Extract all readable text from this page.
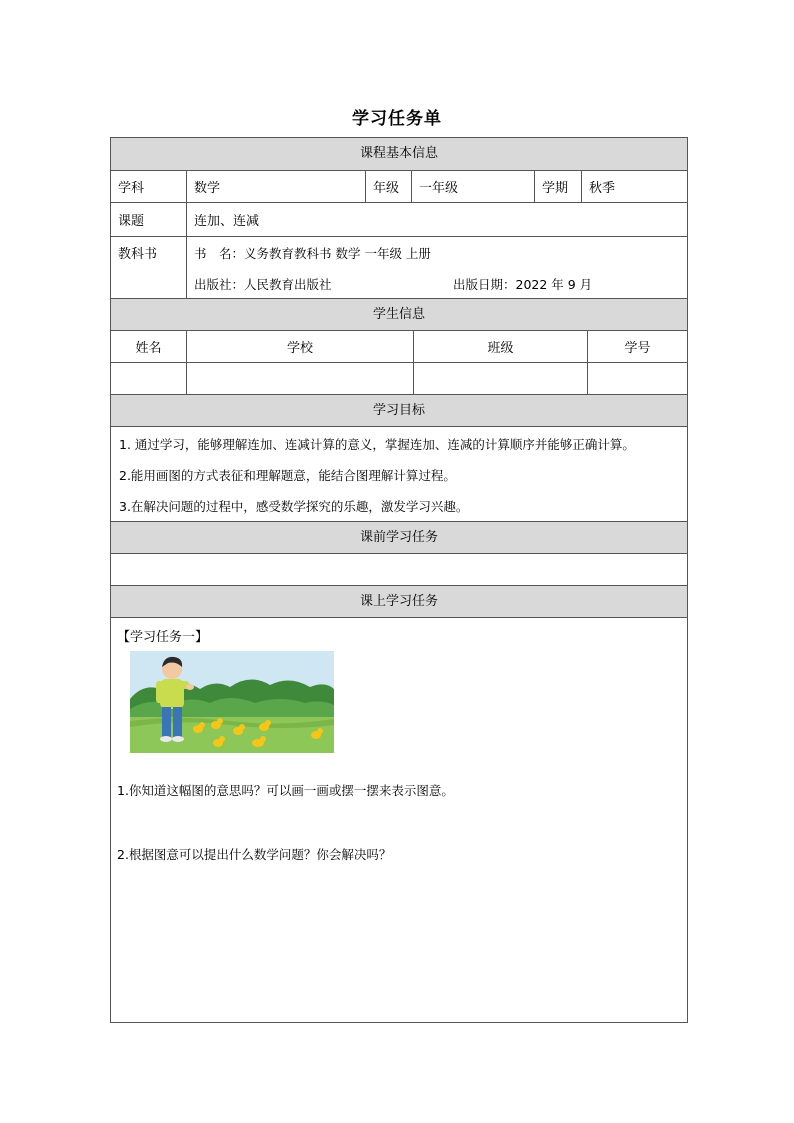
学习任务单
课程基本信息
学科	数学	年级	一年级	学期	秋季
课题	连加、连减
教科书	书　名：义务教育教科书 数学 一年级 上册
出版社：人民教育出版社	出版日期：2022 年 9 月
学生信息
姓名	学校	班级	学号
学习目标
1. 通过学习，能够理解连加、连减计算的意义，掌握连加、连减的计算顺序并能够正确计算。
2.能用画图的方式表征和理解题意，能结合图理解计算过程。
3.在解决问题的过程中，感受数学探究的乐趣，激发学习兴趣。
课前学习任务
课上学习任务
【学习任务一】
1.你知道这幅图的意思吗？可以画一画或摆一摆来表示图意。
2.根据图意可以提出什么数学问题？你会解决吗？
